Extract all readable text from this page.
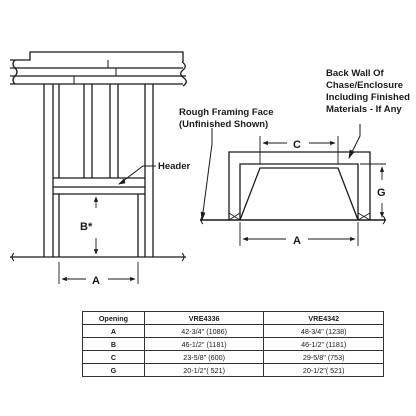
A
B*
Header
C
G
A
Rough Framing Face (Unfinished Shown)
Back Wall Of Chase/Enclosure Including Finished Materials - If Any
Opening	VRE4336	VRE4342
A	42-3/4" (1086)	48-3/4" (1238)
B	46-1/2" (1181)	46-1/2" (1181)
C	23-5/8" (600)	29-5/8" (753)
G	20-1/2"( 521)	20-1/2"( 521)
